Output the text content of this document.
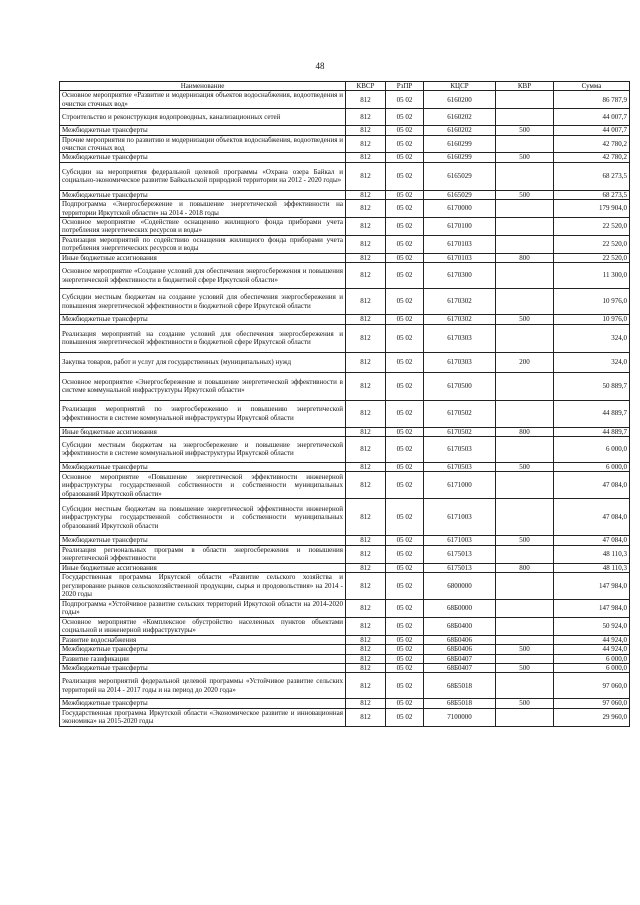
48
Наименование	КВСР	РзПР	КЦСР	КВР	Сумма
Основное мероприятие «Развитие и модернизация объектов водоснабжения, водоотведения и очистки сточных вод»	812	05 02	6160200		86 787,9
Строительство и реконструкция водопроводных, канализационных сетей	812	05 02	6160202		44 007,7
Межбюджетные трансферты	812	05 02	6160202	500	44 007,7
Прочие мероприятия по развитию и модернизации объектов водоснабжения, водоотведения и очистки сточных вод	812	05 02	6160299		42 780,2
Межбюджетные трансферты	812	05 02	6160299	500	42 780,2
Субсидии на мероприятия федеральной целевой программы «Охрана озера Байкал и социально-экономическое развитие Байкальской природной территории на 2012 - 2020 годы»	812	05 02	6165029		68 273,5
Межбюджетные трансферты	812	05 02	6165029	500	68 273,5
Подпрограмма «Энергосбережение и повышение энергетической эффективности на территории Иркутской области» на 2014 - 2018 годы	812	05 02	6170000		179 904,0
Основное мероприятие «Содействие оснащению жилищного фонда приборами учета потребления энергетических ресурсов и воды»	812	05 02	6170100		22 520,0
Реализация мероприятий по содействию оснащения жилищного фонда приборами учета потребления энергетических ресурсов и воды	812	05 02	6170103		22 520,0
Иные бюджетные ассигнования	812	05 02	6170103	800	22 520,0
Основное мероприятие «Создание условий для обеспечения энергосбережения и повышения энергетической эффективности в бюджетной сфере Иркутской области»	812	05 02	6170300		11 300,0
Субсидии местным бюджетам на создание условий для обеспечения энергосбережения и повышения энергетической эффективности в бюджетной сфере Иркутской области	812	05 02	6170302		10 976,0
Межбюджетные трансферты	812	05 02	6170302	500	10 976,0
Реализация мероприятий на создание условий для обеспечения энергосбережения и повышения энергетической эффективности в бюджетной сфере Иркутской области	812	05 02	6170303		324,0
Закупка товаров, работ и услуг для государственных (муниципальных) нужд	812	05 02	6170303	200	324,0
Основное мероприятие «Энергосбережение и повышение энергетической эффективности в системе коммунальной инфраструктуры Иркутской области»	812	05 02	6170500		50 889,7
Реализация мероприятий по энергосбережению и повышению энергетической эффективности в системе коммунальной инфраструктуры Иркутской области	812	05 02	6170502		44 889,7
Иные бюджетные ассигнования	812	05 02	6170502	800	44 889,7
Субсидии местным бюджетам на энергосбережение и повышение энергетической эффективности в системе коммунальной инфраструктуры Иркутской области	812	05 02	6170503		6 000,0
Межбюджетные трансферты	812	05 02	6170503	500	6 000,0
Основное мероприятие «Повышение энергетической эффективности инженерной инфраструктуры государственной собственности и собственности муниципальных образований Иркутской области»	812	05 02	6171000		47 084,0
Субсидии местным бюджетам на повышение энергетической эффективности инженерной инфраструктуры государственной собственности и собственности муниципальных образований Иркутской области	812	05 02	6171003		47 084,0
Межбюджетные трансферты	812	05 02	6171003	500	47 084,0
Реализация региональных программ в области энергосбережения и повышения энергетической эффективности	812	05 02	6175013		48 110,3
Иные бюджетные ассигнования	812	05 02	6175013	800	48 110,3
Государственная программа Иркутской области «Развитие сельского хозяйства и регулирование рынков сельскохозяйственной продукции, сырья и продовольствия» на 2014 - 2020 годы	812	05 02	6800000		147 984,0
Подпрограмма «Устойчивое развитие сельских территорий Иркутской области на 2014-2020 годы»	812	05 02	68Б0000		147 984,0
Основное мероприятие «Комплексное обустройство населенных пунктов объектами социальной и инженерной инфраструктуры»	812	05 02	68Б0400		50 924,0
Развитие водоснабжения	812	05 02	68Б0406		44 924,0
Межбюджетные трансферты	812	05 02	68Б0406	500	44 924,0
Развитие газификации	812	05 02	68Б0407		6 000,0
Межбюджетные трансферты	812	05 02	68Б0407	500	6 000,0
Реализация мероприятий федеральной целевой программы «Устойчивое развитие сельских территорий на 2014 - 2017 годы и на период до 2020 года»	812	05 02	68Б5018		97 060,0
Межбюджетные трансферты	812	05 02	68Б5018	500	97 060,0
Государственная программа Иркутской области «Экономическое развитие и инновационная экономика» на 2015-2020 годы	812	05 02	7100000		29 960,0
